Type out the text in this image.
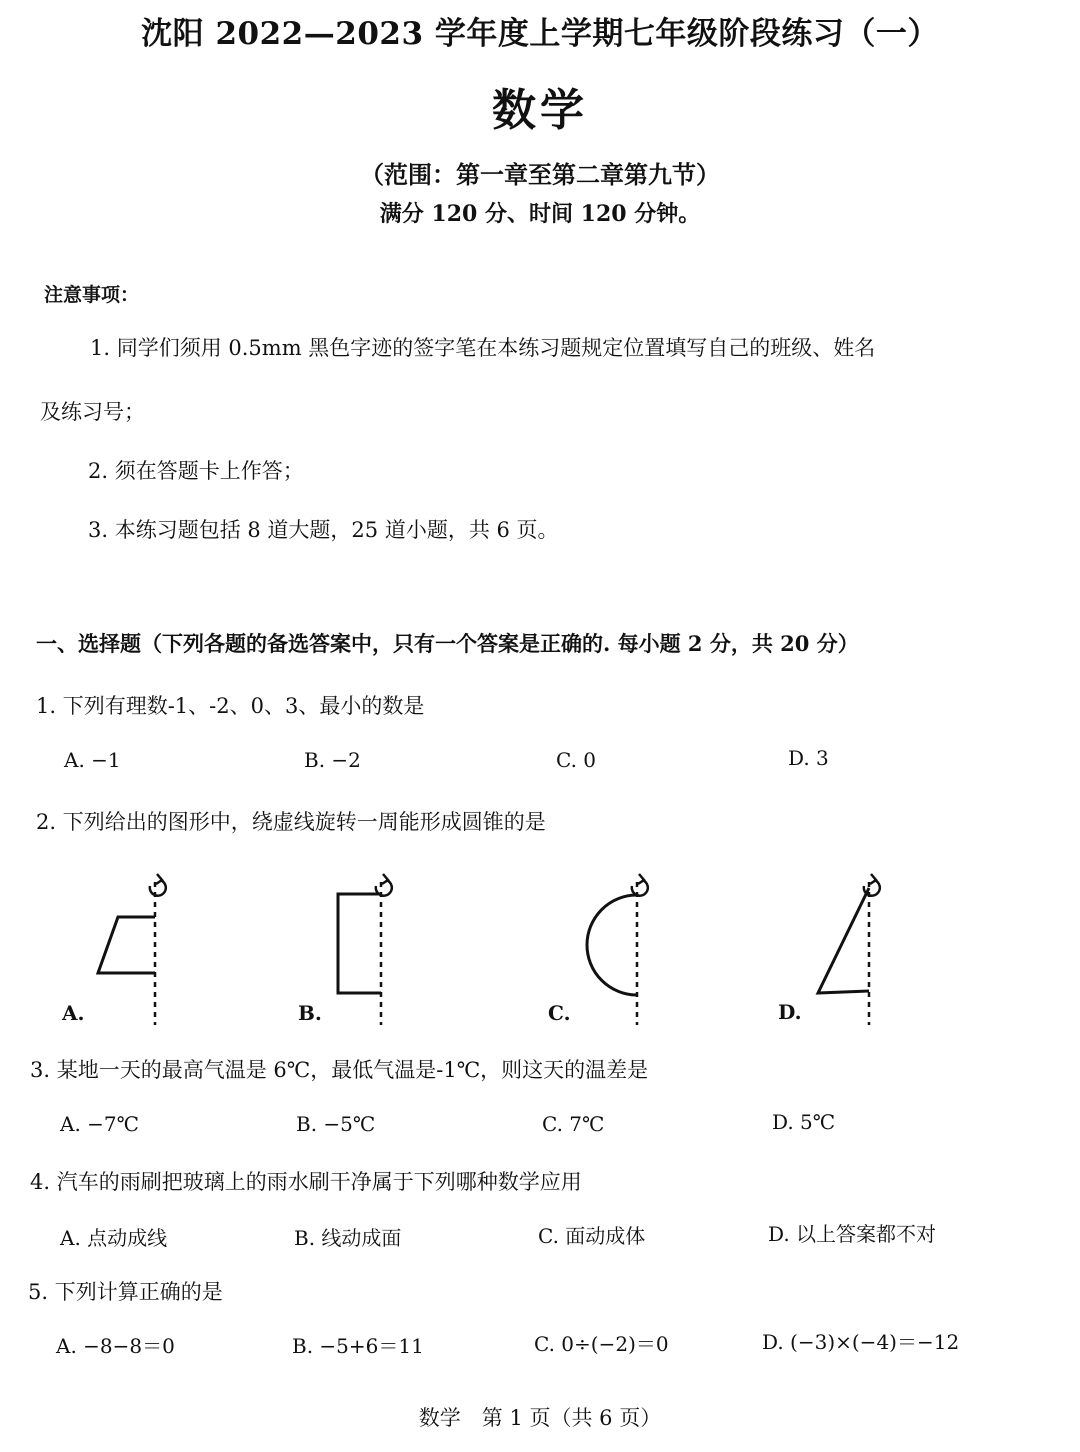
沈阳 2022—2023 学年度上学期七年级阶段练习（一）
数学
（范围：第一章至第二章第九节）
满分 120 分、时间 120 分钟。
注意事项：
1. 同学们须用 0.5mm 黑色字迹的签字笔在本练习题规定位置填写自己的班级、姓名
及练习号；
2. 须在答题卡上作答；
3. 本练习题包括 8 道大题，25 道小题，共 6 页。
一、选择题（下列各题的备选答案中，只有一个答案是正确的. 每小题 2 分，共 20 分）
1. 下列有理数-1、-2、0、3、最小的数是
A. −1	B. −2	C. 0	D. 3
2. 下列给出的图形中，绕虚线旋转一周能形成圆锥的是
A.	B.	C.	D.
3. 某地一天的最高气温是 6℃，最低气温是-1℃，则这天的温差是
A. −7℃	B. −5℃	C. 7℃	D. 5℃
4. 汽车的雨刷把玻璃上的雨水刷干净属于下列哪种数学应用
A. 点动成线	B. 线动成面	C. 面动成体	D. 以上答案都不对
5. 下列计算正确的是
A. −8−8＝0	B. −5+6＝11	C. 0÷(−2)＝0	D. (−3)×(−4)＝−12
数学　第 1 页（共 6 页）
